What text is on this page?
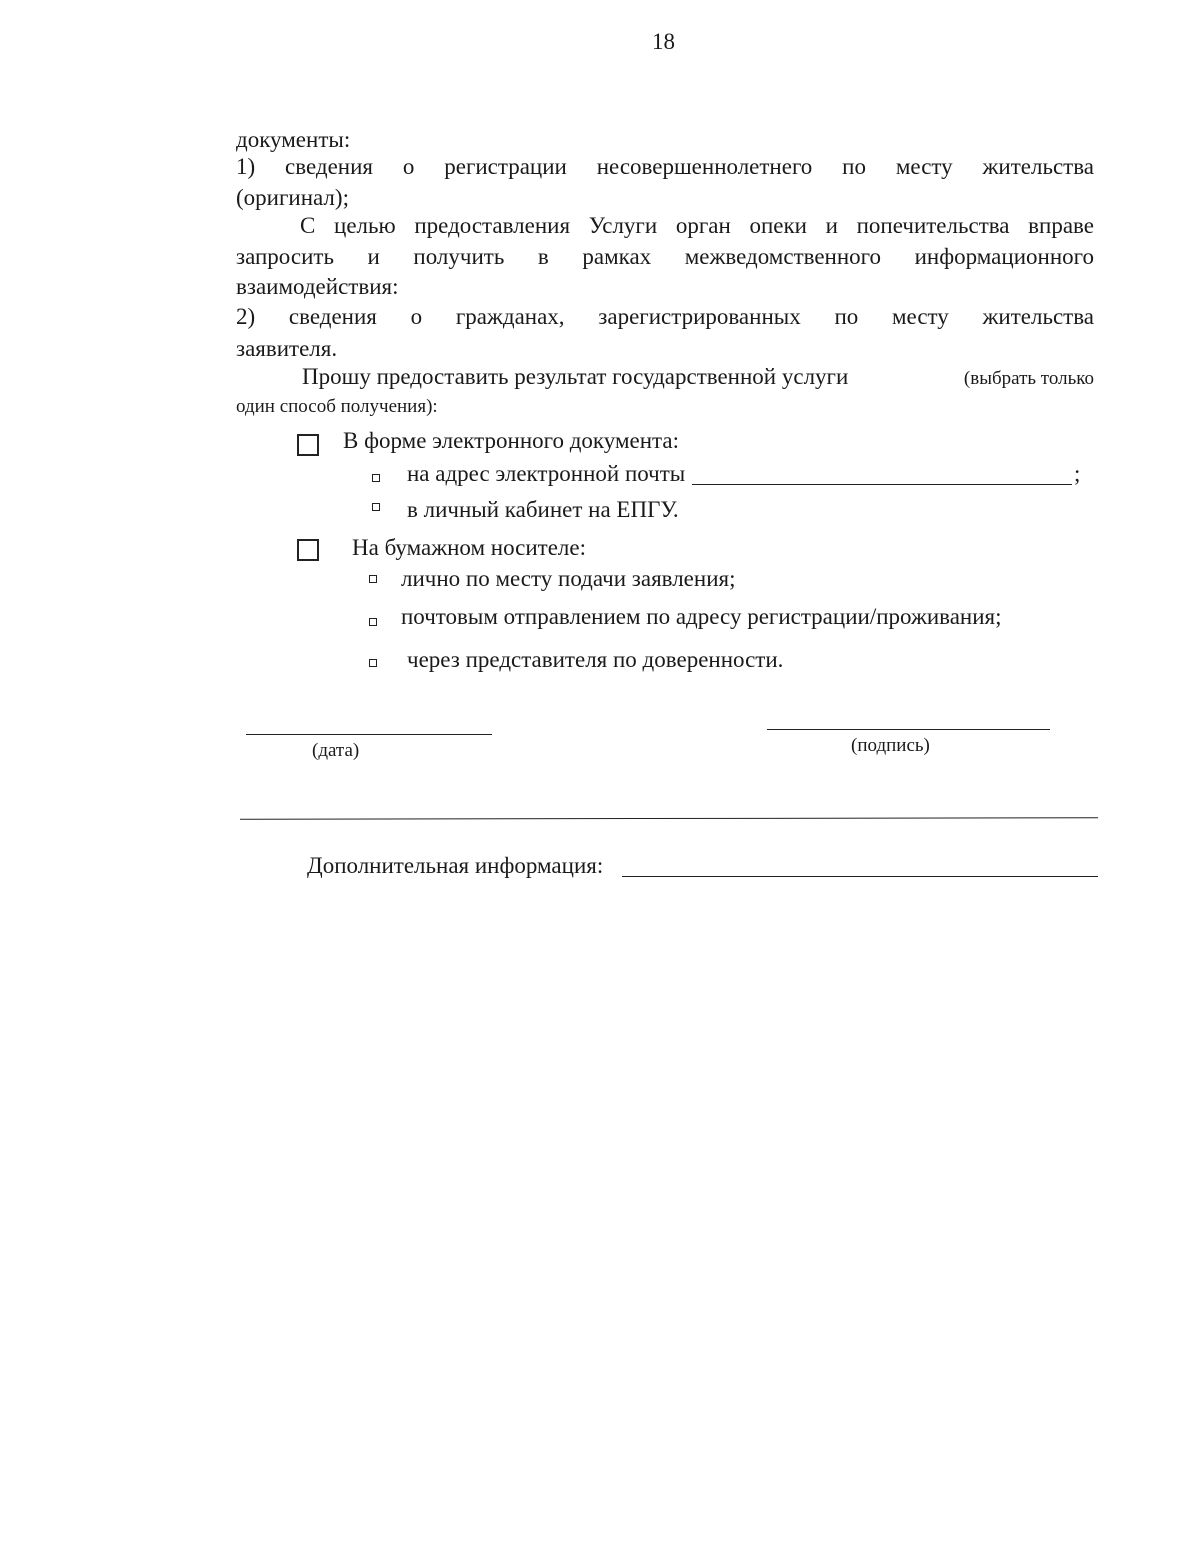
18
документы:
1) сведения о регистрации несовершеннолетнего по месту жительства
(оригинал);
С целью предоставления Услуги орган опеки и попечительства вправе
запросить и получить в рамках межведомственного информационного
взаимодействия:
2) сведения о гражданах, зарегистрированных по месту жительства
заявителя.
Прошу предоставить результат государственной услуги	(выбрать только
один способ получения):
В форме электронного документа:
на адрес электронной почты	;
в личный кабинет на ЕПГУ.
На бумажном носителе:
лично по месту подачи заявления;
почтовым отправлением по адресу регистрации/проживания;
через представителя по доверенности.
(дата)	(подпись)
Дополнительная информация:
